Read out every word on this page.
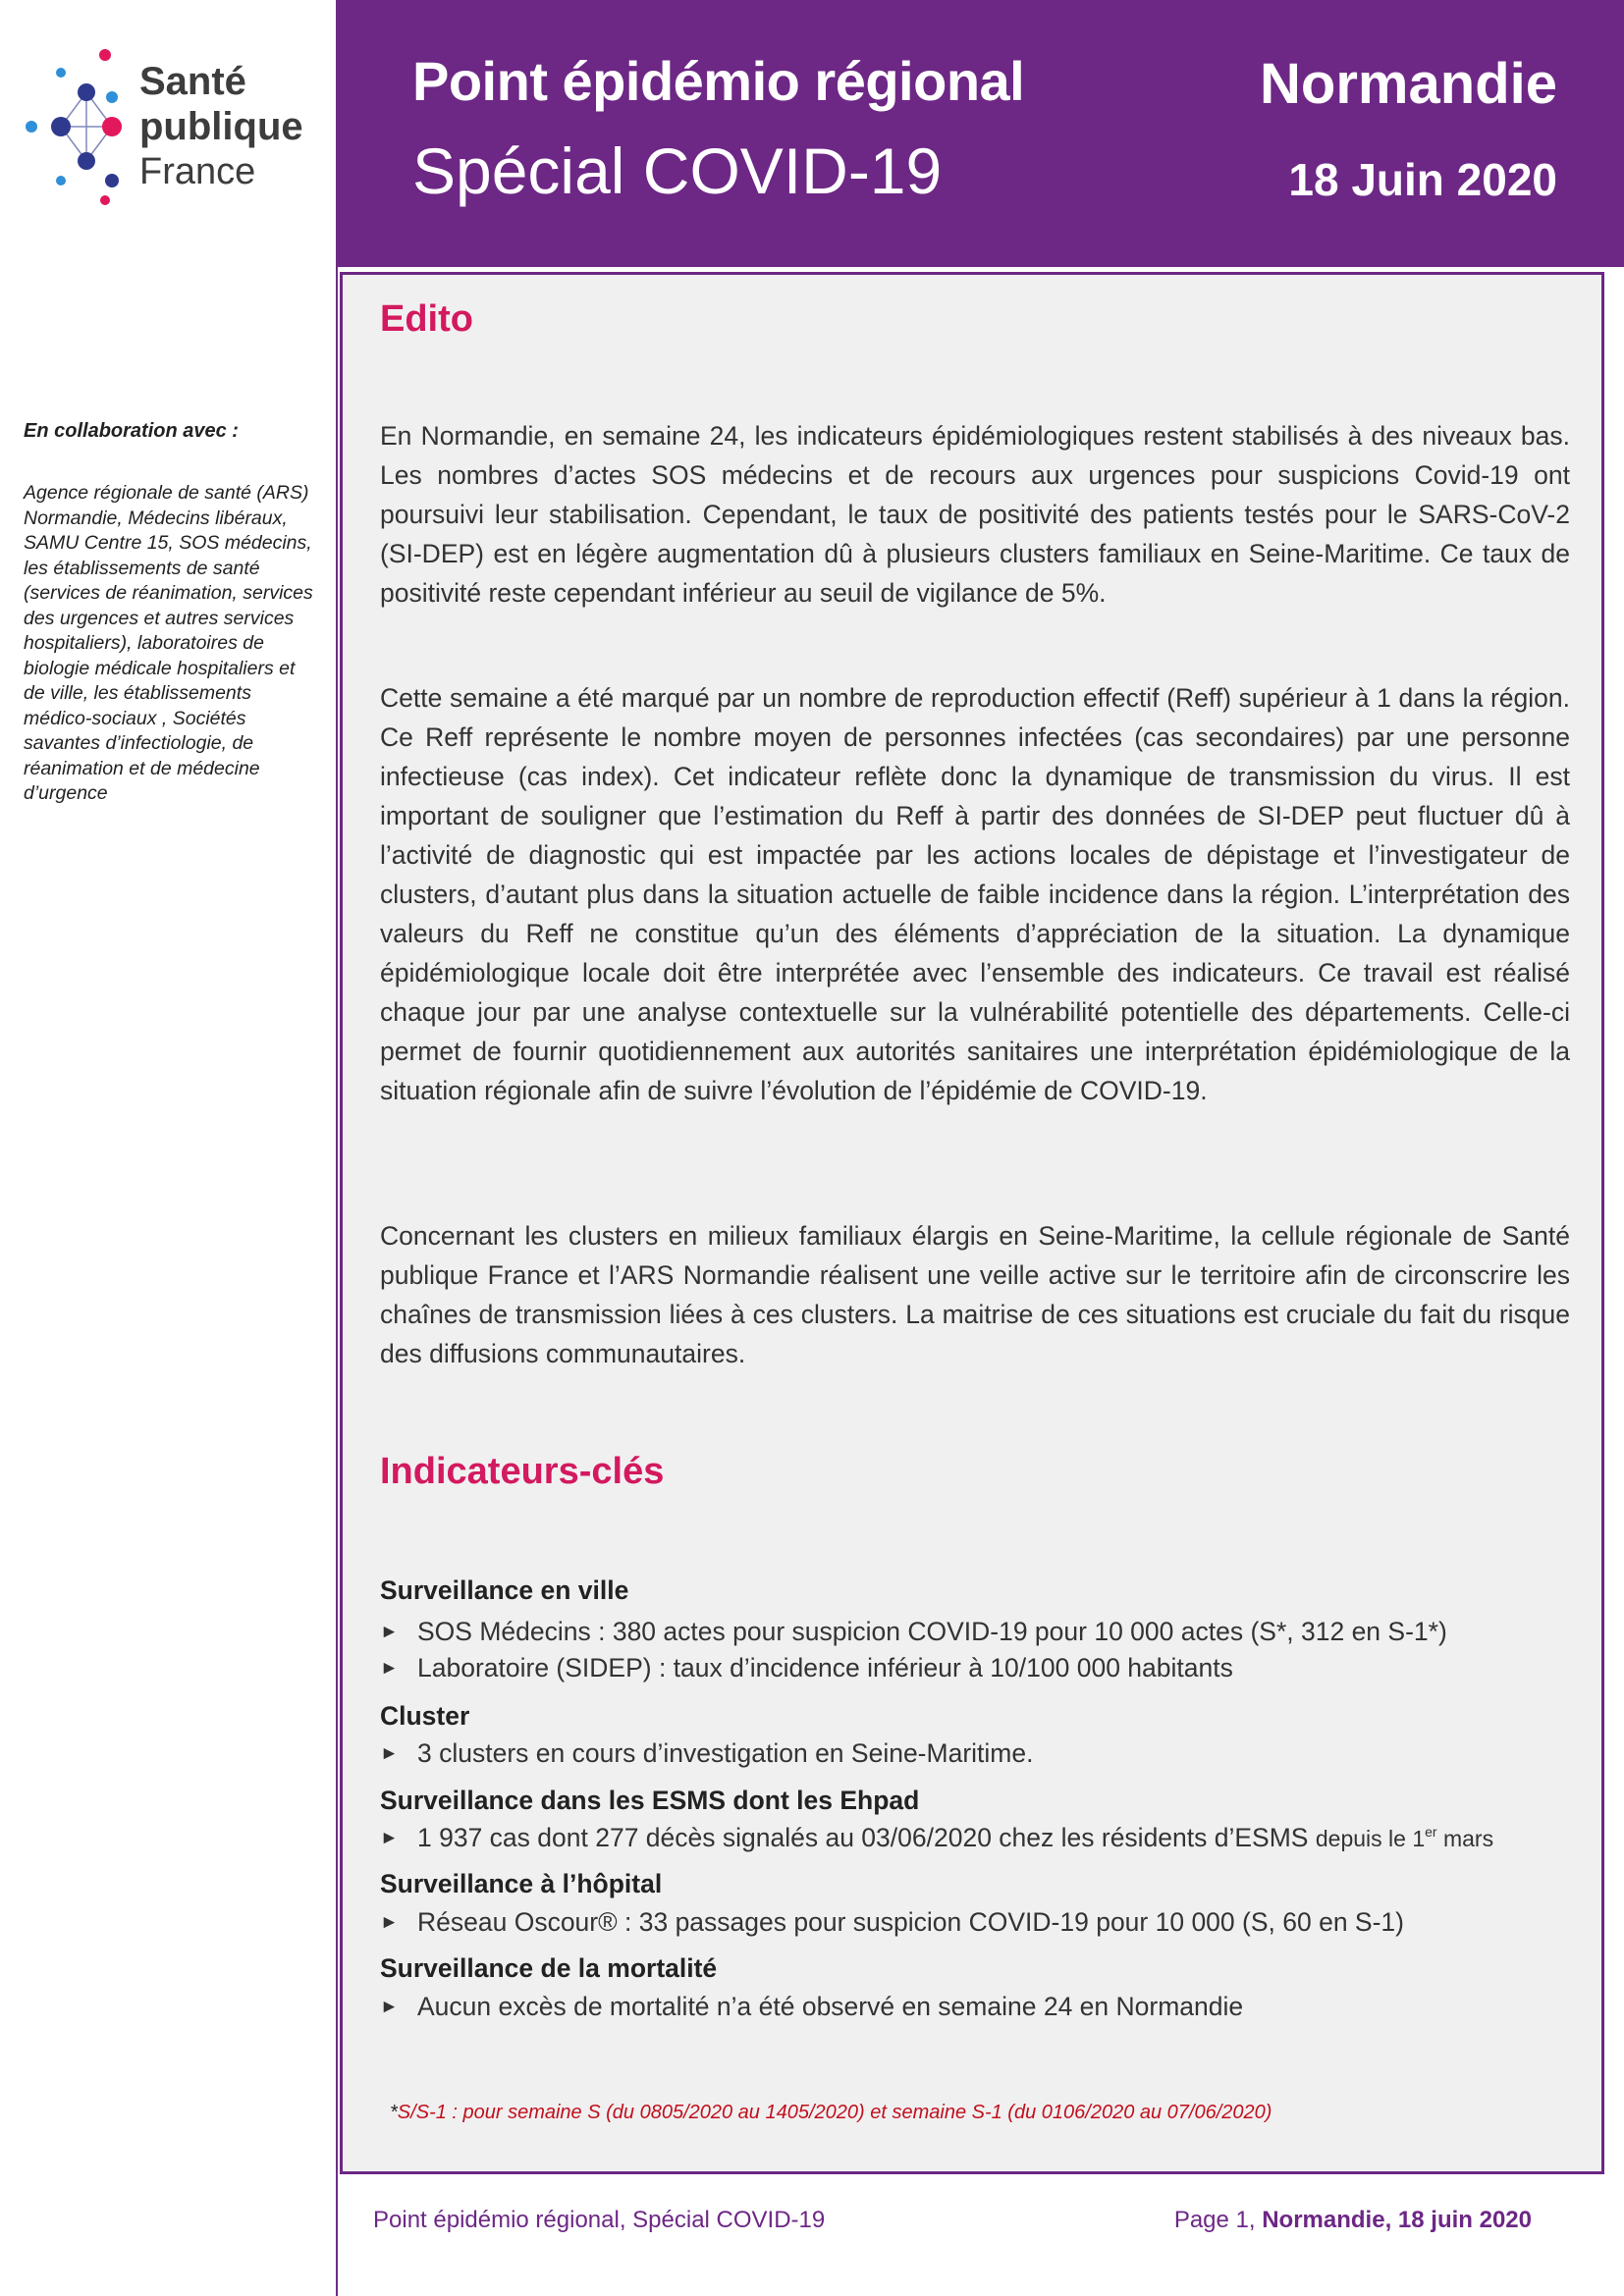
Santé
publique
France
En collaboration avec :
Agence régionale de santé (ARS) Normandie, Médecins libéraux, SAMU Centre 15, SOS médecins, les établissements de santé (services de réanimation, services des urgences et autres services hospitaliers), laboratoires de biologie médicale hospitaliers et de ville, les établissements médico-sociaux , Sociétés savantes d’infectiologie, de réanimation et de médecine d’urgence
Point épidémio régional
Spécial COVID-19
Normandie
18 Juin 2020
Edito
En Normandie, en semaine 24, les indicateurs épidémiologiques restent stabilisés à des niveaux bas. Les nombres d’actes SOS médecins et de recours aux urgences pour suspicions Covid-19 ont poursuivi leur stabilisation. Cependant, le taux de positivité des patients testés pour le SARS-CoV-2 (SI-DEP) est en légère augmentation dû à plusieurs clusters familiaux en Seine-Maritime. Ce taux de positivité reste cependant inférieur au seuil de vigilance de 5%.
Cette semaine a été marqué par un nombre de reproduction effectif (Reff) supérieur à 1 dans la région. Ce Reff représente le nombre moyen de personnes infectées (cas secondaires) par une personne infectieuse (cas index). Cet indicateur reflète donc la dynamique de transmission du virus. Il est important de souligner que l’estimation du Reff à partir des données de SI-DEP peut fluctuer dû à l’activité de diagnostic qui est impactée par les actions locales de dépistage et l’investigateur de clusters, d’autant plus dans la situation actuelle de faible incidence dans la région. L’interprétation des valeurs du Reff ne constitue qu’un des éléments d’appréciation de la situation. La dynamique épidémiologique locale doit être interprétée avec l’ensemble des indicateurs. Ce travail est réalisé chaque jour par une analyse contextuelle sur la vulnérabilité potentielle des départements. Celle-ci permet de fournir quotidiennement aux autorités sanitaires une interprétation épidémiologique de la situation régionale afin de suivre l’évolution de l’épidémie de COVID-19.
Concernant les clusters en milieux familiaux élargis en Seine-Maritime, la cellule régionale de Santé publique France et l’ARS Normandie réalisent une veille active sur le territoire afin de circonscrire les chaînes de transmission liées à ces clusters. La maitrise de ces situations est cruciale du fait du risque des diffusions communautaires.
Indicateurs-clés
Surveillance en ville
► SOS Médecins : 380 actes pour suspicion COVID-19 pour 10 000 actes (S*, 312 en S-1*)
► Laboratoire (SIDEP) : taux d’incidence inférieur à 10/100 000 habitants
Cluster
► 3 clusters en cours d’investigation en Seine-Maritime.
Surveillance dans les ESMS dont les Ehpad
► 1 937 cas dont 277 décès signalés au 03/06/2020 chez les résidents d’ESMS depuis le 1er mars
Surveillance à l’hôpital
► Réseau Oscour® : 33 passages pour suspicion COVID-19 pour 10 000 (S, 60 en S-1)
Surveillance de la mortalité
► Aucun excès de mortalité n’a été observé en semaine 24 en Normandie
*S/S-1 : pour semaine S (du 0805/2020 au 1405/2020) et semaine S-1 (du 0106/2020 au 07/06/2020)
Point épidémio régional, Spécial COVID-19	Page 1, Normandie, 18 juin 2020
